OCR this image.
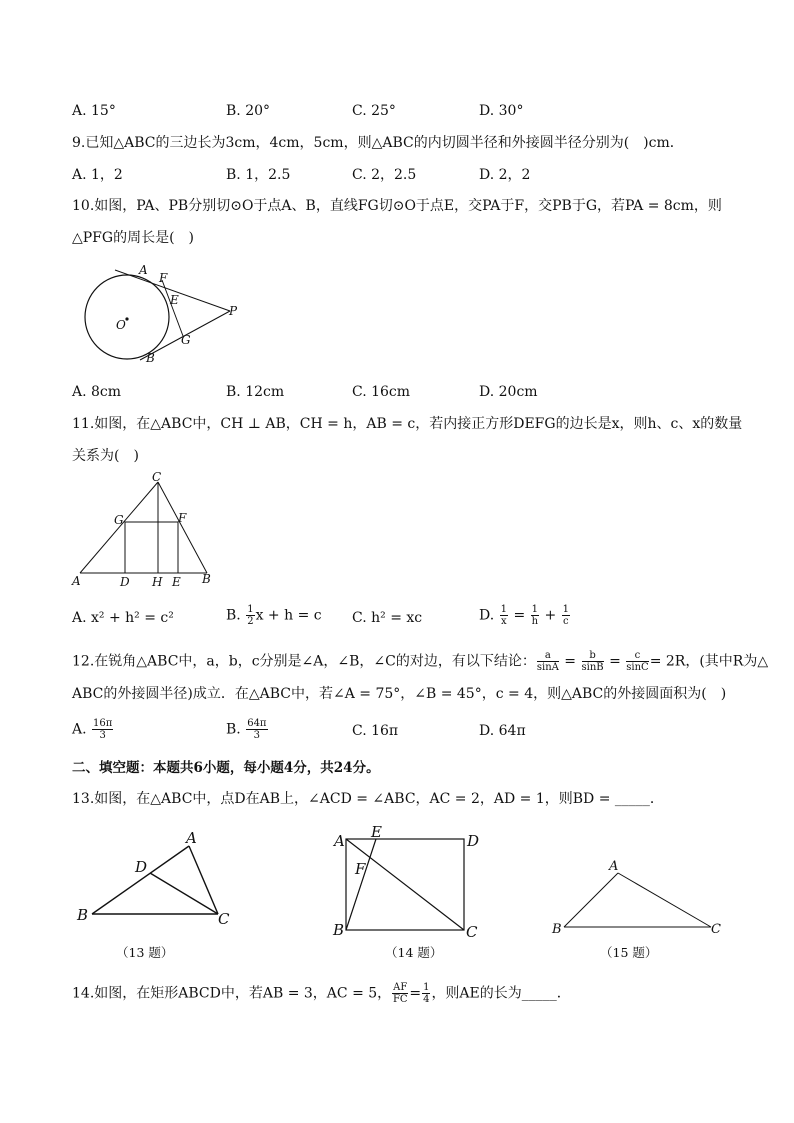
A. 15°	B. 20°	C. 25°	D. 30°
9.已知△ABC的三边长为3cm，4cm，5cm，则△ABC的内切圆半径和外接圆半径分别为(　)cm．
A. 1，2	B. 1，2.5	C. 2，2.5	D. 2，2
10.如图，PA、PB分别切⊙O于点A、B，直线FG切⊙O于点E，交PA于F，交PB于G，若PA = 8cm，则
△PFG的周长是(　)
A
F
E
P
O
G
B
A. 8cm	B. 12cm	C. 16cm	D. 20cm
11.如图，在△ABC中，CH ⊥ AB，CH = h，AB = c，若内接正方形DEFG的边长是x，则h、c、x的数量
关系为(　)
C
G	F
A	D H E B
A. x² + h² = c²	B. $\frac{1}{2}$ x + h = c C. h² = xc	D. $\frac{1}{x} = \frac{1}{h} + \frac{1}{c}$
12.在锐角△ABC中，a，b，c分别是∠A，∠B，∠C的对边，有以下结论： $\frac{a}{\sin A} = \frac{b}{\sin B} = \frac{c}{\sin C} = 2R$，(其中R为△
ABC的外接圆半径)成立．在△ABC中，若∠A = 75°，∠B = 45°，c = 4，则△ABC的外接圆面积为(　)
A. $\frac{16\pi}{3}$	B. $\frac{64\pi}{3}$	C. 16π	D. 64π
二、填空题：本题共6小题，每小题4分，共24分。
13.如图，在△ABC中，点D在AB上，∠ACD = ∠ABC，AC = 2，AD = 1，则BD = _____．
A
D
B	C
（13 题）
A E	D
F
B	C
（14 题）
A
B	C
（15 题）
14.如图，在矩形ABCD中，若AB = 3，AC = 5， $\frac{AF}{FC} = \frac{1}{4}$ ，则AE的长为_____．
